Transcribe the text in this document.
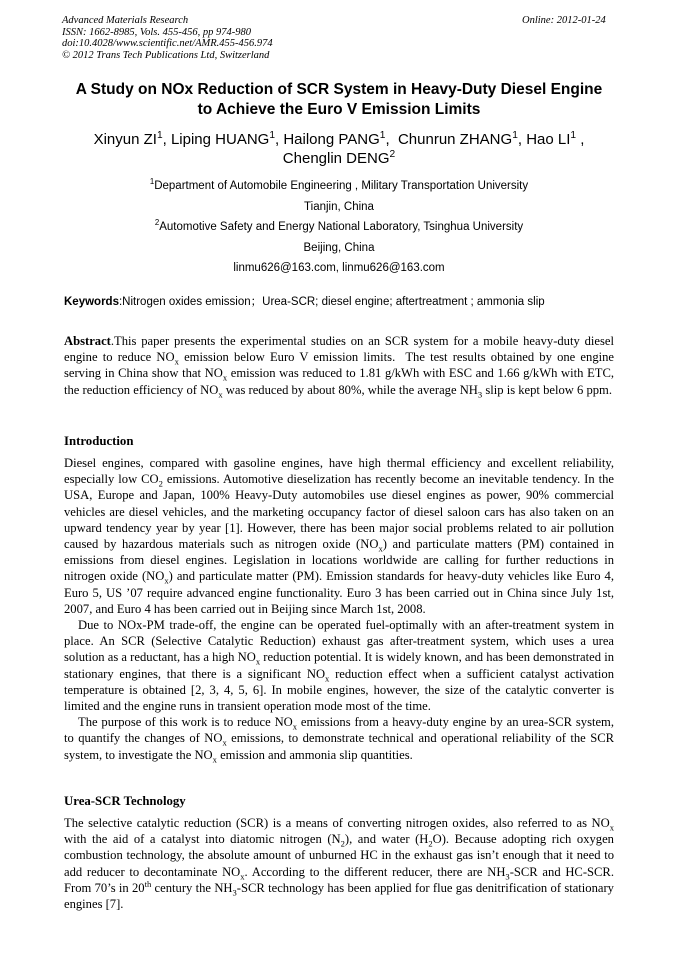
Advanced Materials Research
ISSN: 1662-8985, Vols. 455-456, pp 974-980
doi:10.4028/www.scientific.net/AMR.455-456.974
© 2012 Trans Tech Publications Ltd, Switzerland
Online: 2012-01-24
A Study on NOx Reduction of SCR System in Heavy-Duty Diesel Engine
to Achieve the Euro V Emission Limits
Xinyun $ZI^1$, Liping HUANG$^1$, Hailong PANG$^1$,  Chunrun ZHANG$^1$, Hao $LI^1$ ,
Chenglin DENG$^2$
$^1$Department of Automobile Engineering , Military Transportation University
Tianjin, China
$^2$Automotive Safety and Energy National Laboratory, Tsinghua University
Beijing, China
linmu626@163.com, linmu626@163.com
Keywords:Nitrogen oxides emission；Urea-SCR; diesel engine; aftertreatment ; ammonia slip
Abstract.This paper presents the experimental studies on an SCR system for a mobile heavy-duty diesel engine to reduce $NO_x$ emission below Euro V emission limits.  The test results obtained by one engine serving in China show that $NO_x$ emission was reduced to 1.81 g/kWh with ESC and 1.66 g/kWh with ETC, the reduction efficiency of $NO_x$ was reduced by about 80%, while the average $NH_3$ slip is kept below 6 ppm.
Introduction

Diesel engines, compared with gasoline engines, have high thermal efficiency and excellent reliability, especially low $CO_2$ emissions. Automotive dieselization has recently become an inevitable tendency. In the USA, Europe and Japan, 100% Heavy-Duty automobiles use diesel engines as power, 90% commercial vehicles are diesel vehicles, and the marketing occupancy factor of diesel saloon cars has also taken on an upward tendency year by year [1]. However, there has been major social problems related to air pollution caused by hazardous materials such as nitrogen oxide $(NO_x)$ and particulate matters (PM) contained in emissions from diesel engines. Legislation in locations worldwide are calling for further reductions in nitrogen oxide $(NO_x)$ and particulate matter (PM). Emission standards for heavy-duty vehicles like Euro 4, Euro 5, US ’07 require advanced engine functionality. Euro 3 has been carried out in China since July 1st, 2007, and Euro 4 has been carried out in Beijing since March 1st, 2008.

Due to NOx-PM trade-off, the engine can be operated fuel-optimally with an after-treatment system in place. An SCR (Selective Catalytic Reduction) exhaust gas after-treatment system, which uses a urea solution as a reductant, has a high $NO_x$ reduction potential. It is widely known, and has been demonstrated in stationary engines, that there is a significant $NO_x$ reduction effect when a sufficient catalyst activation temperature is obtained [2, 3, 4, 5, 6]. In mobile engines, however, the size of the catalytic converter is limited and the engine runs in transient operation mode most of the time.

The purpose of this work is to reduce $NO_x$ emissions from a heavy-duty engine by an urea-SCR system, to quantify the changes of $NO_x$ emissions, to demonstrate technical and operational reliability of the SCR system, to investigate the $NO_x$ emission and ammonia slip quantities.

Urea-SCR Technology

The selective catalytic reduction (SCR) is a means of converting nitrogen oxides, also referred to as $NO_x$ with the aid of a catalyst into diatomic nitrogen $(N_2)$, and water $(H_2O)$. Because adopting rich oxygen combustion technology, the absolute amount of unburned HC in the exhaust gas isn’t enough that it need to add reducer to decontaminate $NO_x$. According to the different reducer, there are $NH_3$-SCR and HC-SCR. From 70’s in 20th century the $NH_3$-SCR technology has been applied for flue gas denitrification of stationary engines [7].
